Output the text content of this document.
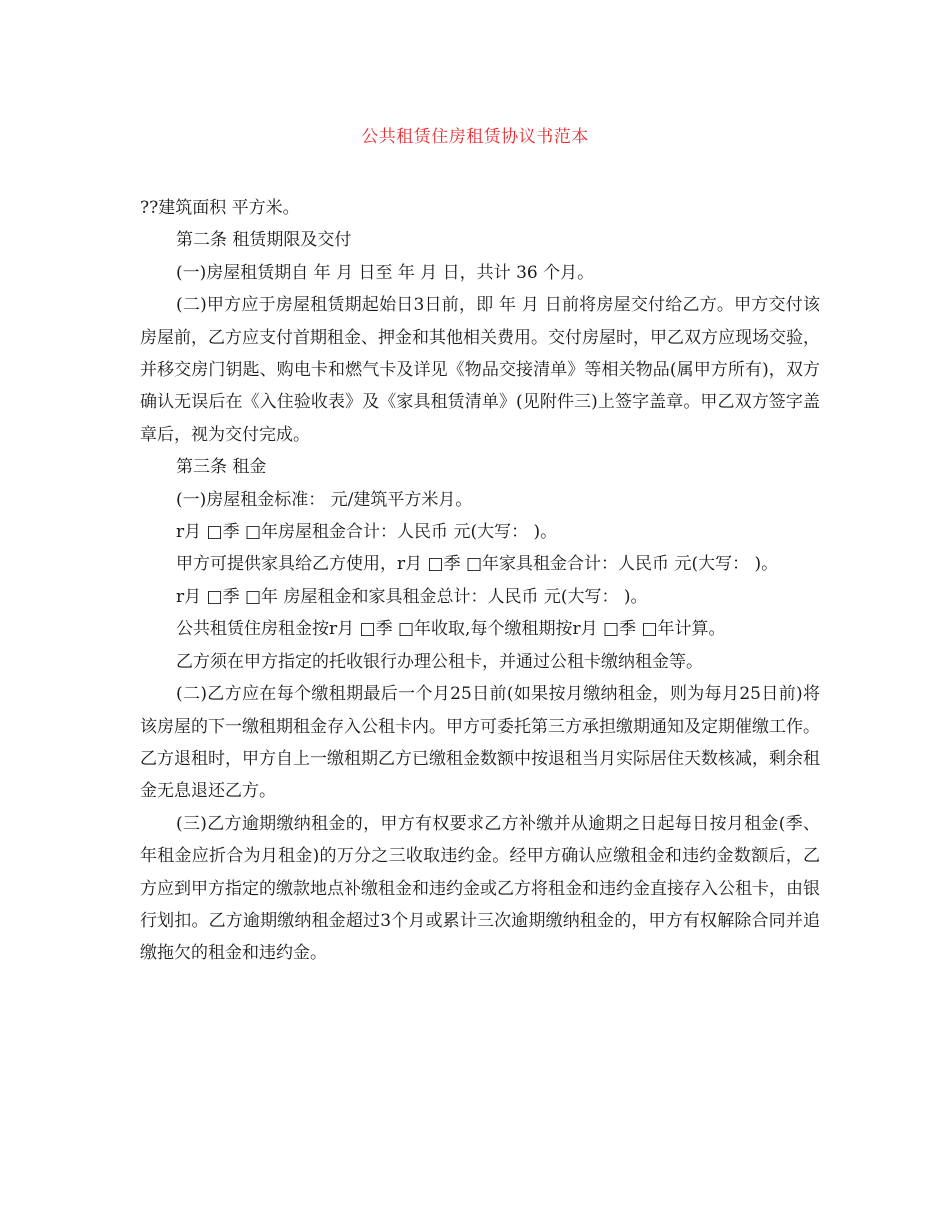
公共租赁住房租赁协议书范本

??建筑面积 平方米。

第二条 租赁期限及交付

(一)房屋租赁期自 年 月 日至 年 月 日，共计 36 个月。

(二)甲方应于房屋租赁期起始日3日前，即 年 月 日前将房屋交付给乙方。甲方交付该房屋前，乙方应支付首期租金、押金和其他相关费用。交付房屋时，甲乙双方应现场交验，并移交房门钥匙、购电卡和燃气卡及详见《物品交接清单》等相关物品(属甲方所有)，双方确认无误后在《入住验收表》及《家具租赁清单》(见附件三)上签字盖章。甲乙双方签字盖章后，视为交付完成。

第三条 租金

(一)房屋租金标准： 元/建筑平方米月。

r月 □季 □年房屋租金合计：人民币 元(大写： )。

甲方可提供家具给乙方使用，r月 □季 □年家具租金合计：人民币 元(大写： )。

r月 □季 □年 房屋租金和家具租金总计：人民币 元(大写： )。

公共租赁住房租金按r月 □季 □年收取,每个缴租期按r月 □季 □年计算。

乙方须在甲方指定的托收银行办理公租卡，并通过公租卡缴纳租金等。

(二)乙方应在每个缴租期最后一个月25日前(如果按月缴纳租金，则为每月25日前)将该房屋的下一缴租期租金存入公租卡内。甲方可委托第三方承担缴期通知及定期催缴工作。乙方退租时，甲方自上一缴租期乙方已缴租金数额中按退租当月实际居住天数核减，剩余租金无息退还乙方。

(三)乙方逾期缴纳租金的，甲方有权要求乙方补缴并从逾期之日起每日按月租金(季、年租金应折合为月租金)的万分之三收取违约金。经甲方确认应缴租金和违约金数额后，乙方应到甲方指定的缴款地点补缴租金和违约金或乙方将租金和违约金直接存入公租卡，由银行划扣。乙方逾期缴纳租金超过3个月或累计三次逾期缴纳租金的，甲方有权解除合同并追缴拖欠的租金和违约金。
